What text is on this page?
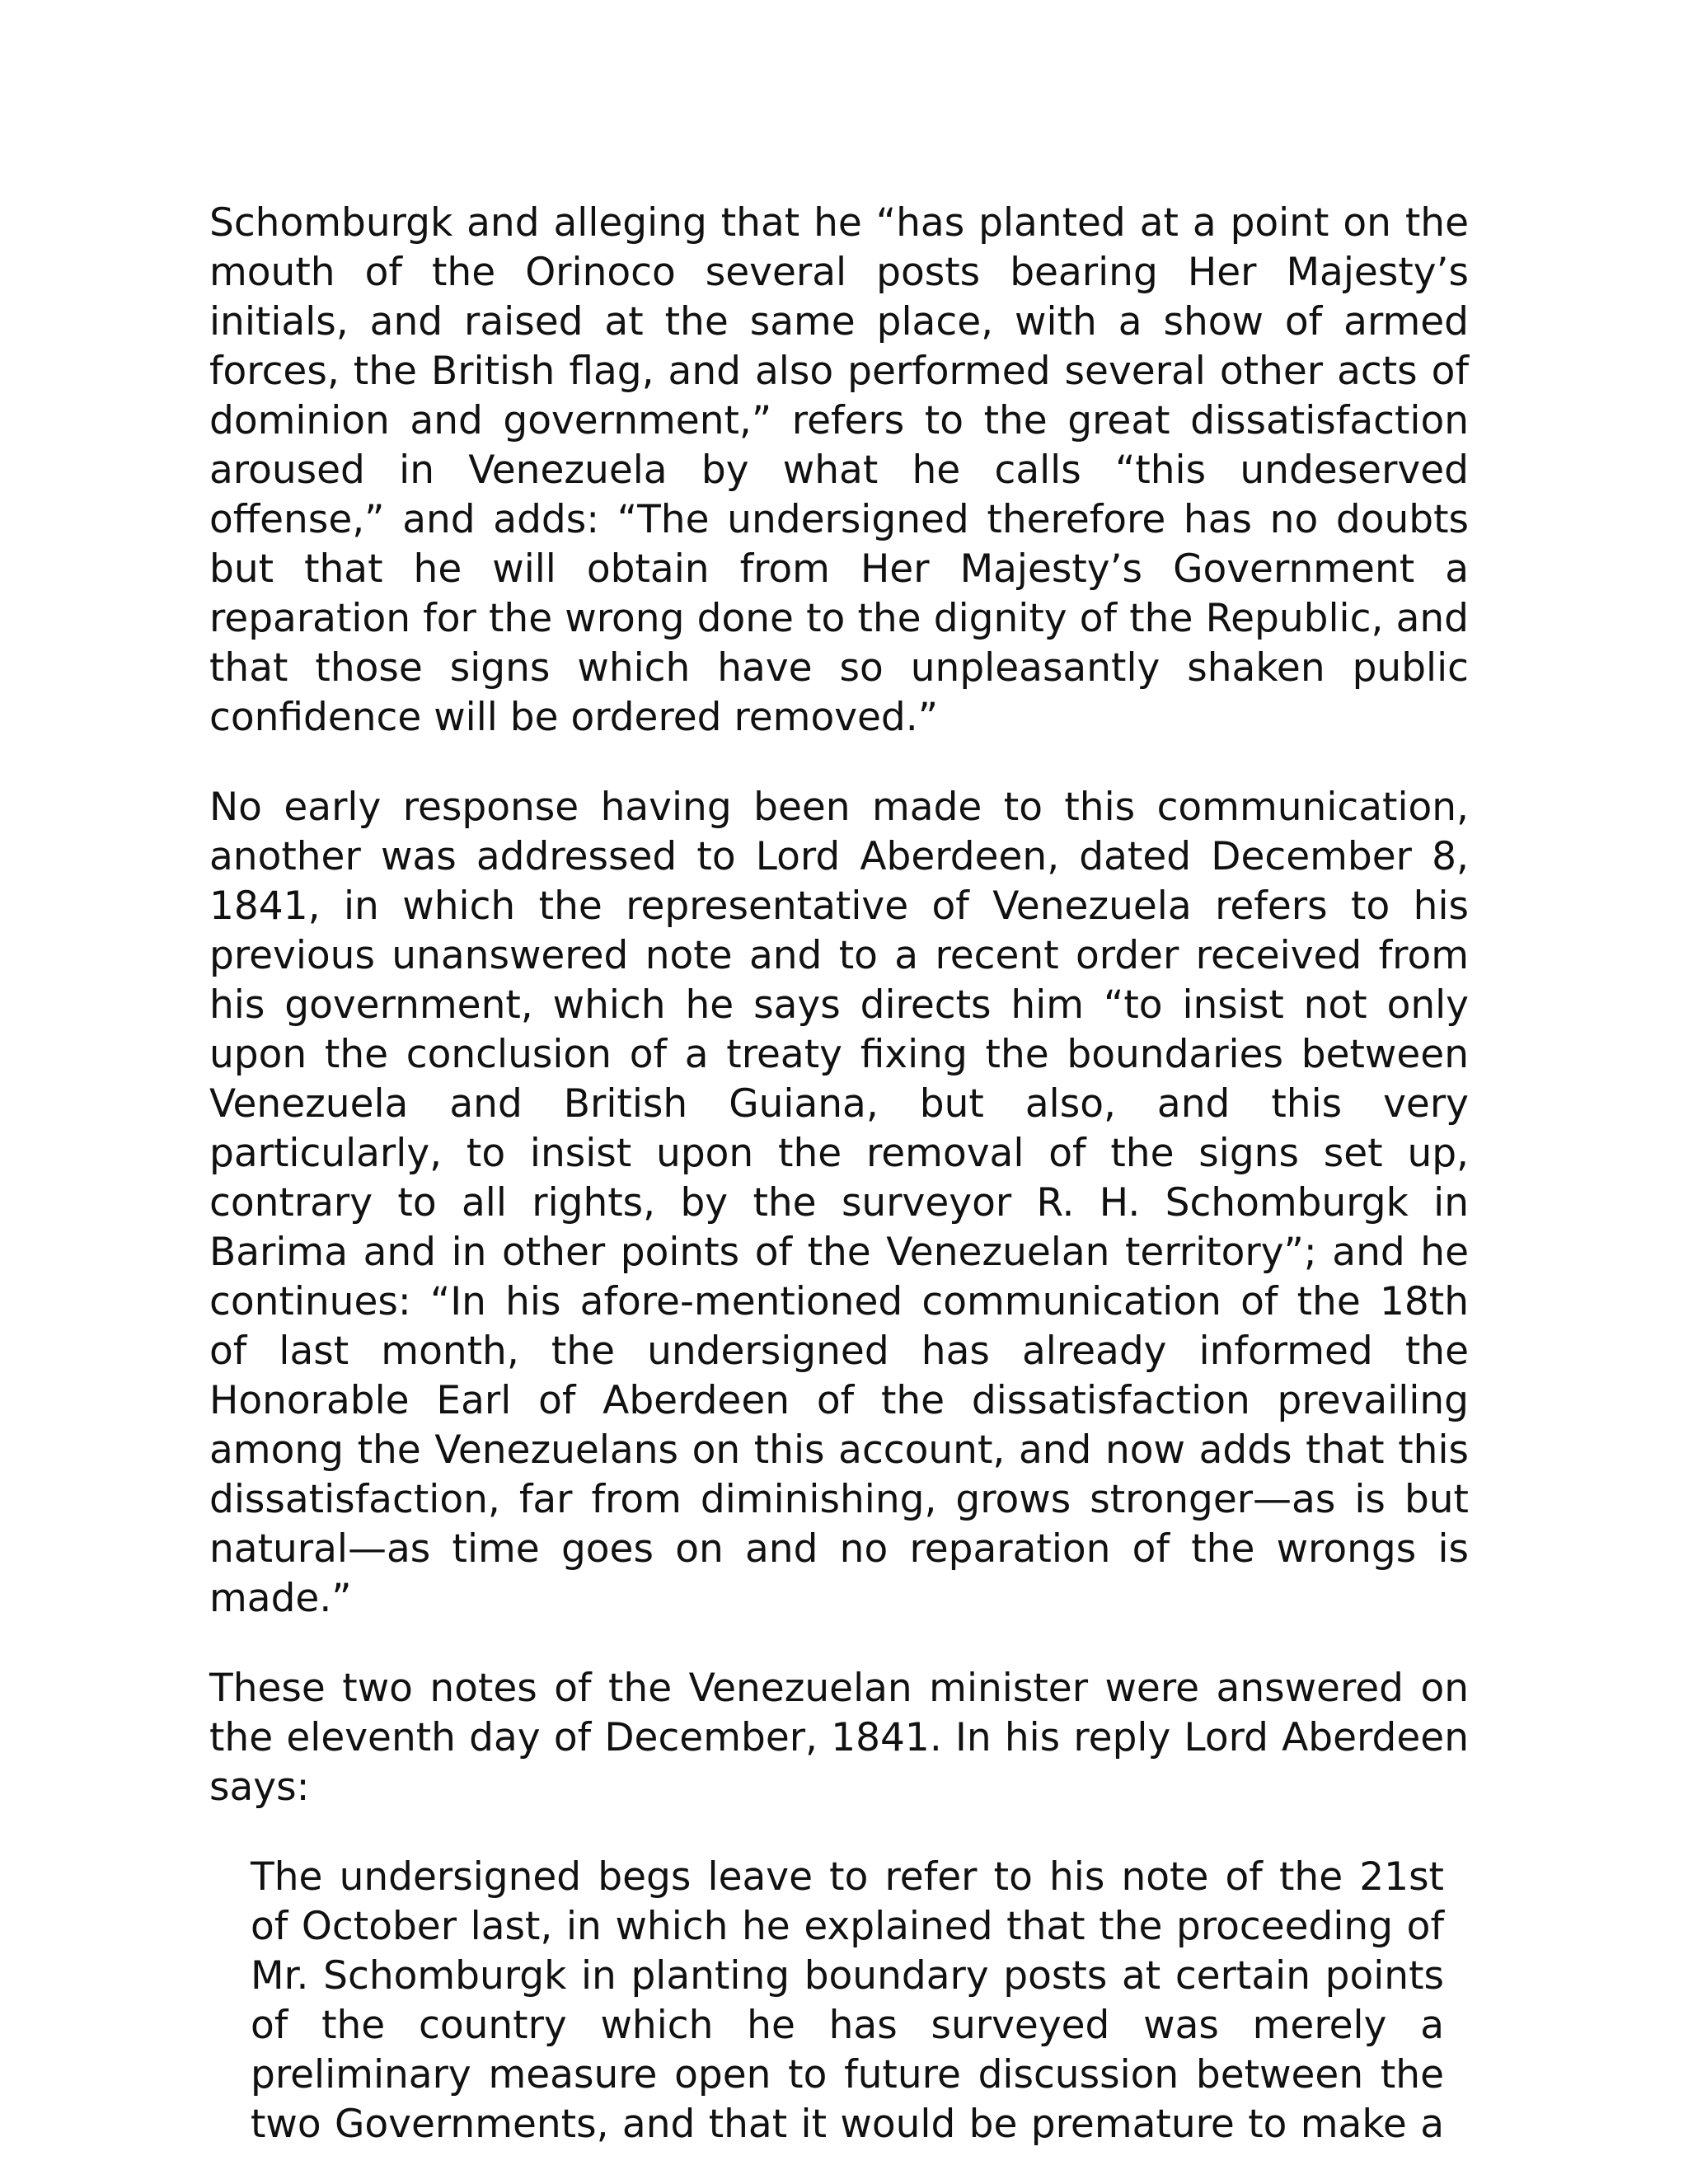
Schomburgk and alleging that he “has planted at a point on the mouth of the Orinoco several posts bearing Her Majesty’s initials, and raised at the same place, with a show of armed forces, the British flag, and also performed several other acts of dominion and government,” refers to the great dissatisfaction aroused in Venezuela by what he calls “this undeserved offense,” and adds: “The undersigned therefore has no doubts but that he will obtain from Her Majesty’s Government a reparation for the wrong done to the dignity of the Republic, and that those signs which have so unpleasantly shaken public confidence will be ordered removed.”

No early response having been made to this communication, another was addressed to Lord Aberdeen, dated December 8, 1841, in which the representative of Venezuela refers to his previous unanswered note and to a recent order received from his government, which he says directs him “to insist not only upon the conclusion of a treaty fixing the boundaries between Venezuela and British Guiana, but also, and this very particularly, to insist upon the removal of the signs set up, contrary to all rights, by the surveyor R. H. Schomburgk in Barima and in other points of the Venezuelan territory”; and he continues: “In his afore-mentioned communication of the 18th of last month, the undersigned has already informed the Honorable Earl of Aberdeen of the dissatisfaction prevailing among the Venezuelans on this account, and now adds that this dissatisfaction, far from diminishing, grows stronger—as is but natural—as time goes on and no reparation of the wrongs is made.”

These two notes of the Venezuelan minister were answered on the eleventh day of December, 1841. In his reply Lord Aberdeen says:

The undersigned begs leave to refer to his note of the 21st of October last, in which he explained that the proceeding of Mr. Schomburgk in planting boundary posts at certain points of the country which he has surveyed was merely a preliminary measure open to future discussion between the two Governments, and that it would be premature to make a
